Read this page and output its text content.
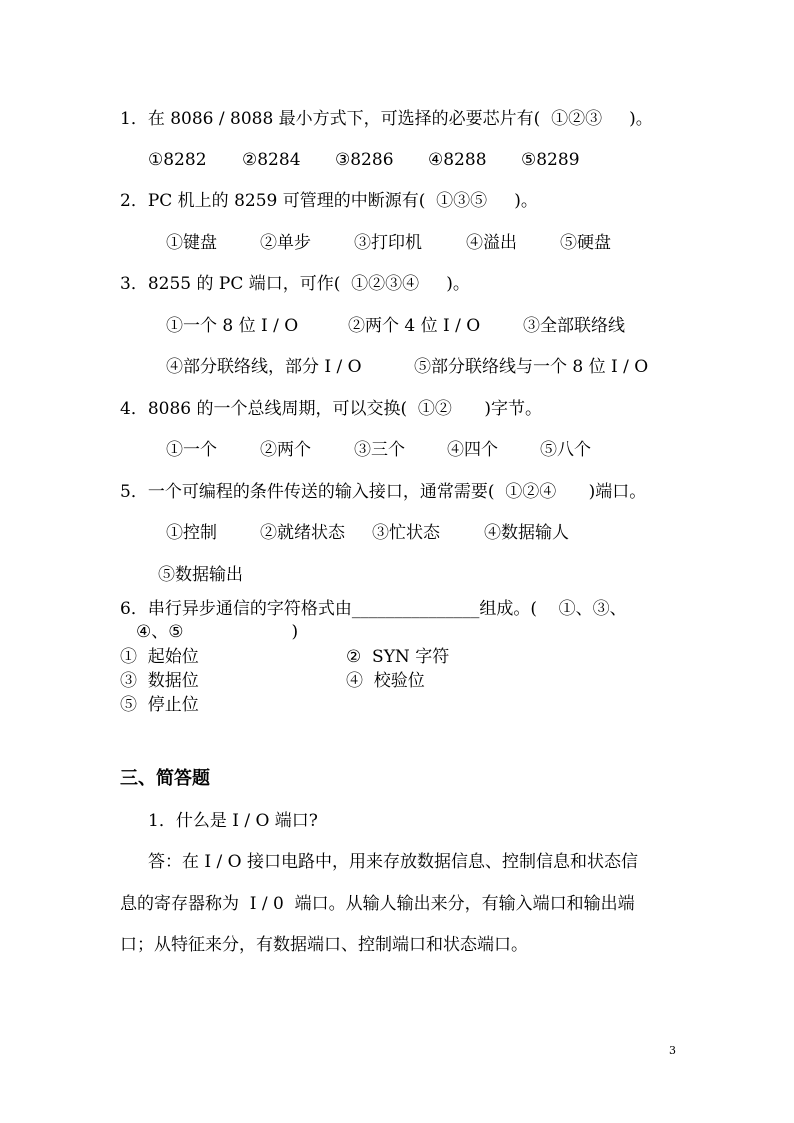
1．在 8086 / 8088 最小方式下，可选择的必要芯片有(  ①②③     )。
①8282 ②8284 ③8286 ④8288 ⑤8289
2．PC 机上的 8259 可管理的中断源有(  ①③⑤     )。
①键盘	②单步	③打印机	④溢出	⑤硬盘
3．8255 的 PC 端口，可作(  ①②③④     )。
①一个 8 位 I / O	②两个 4 位 I / O	③全部联络线
④部分联络线，部分 I / O	⑤部分联络线与一个 8 位 I / O
4．8086 的一个总线周期，可以交换(  ①②      )字节。
①一个	②两个	③三个 ④四个 ⑤八个
5．一个可编程的条件传送的输入接口，通常需要(  ①②④      )端口。
①控制	②就绪状态 ③忙状态	④数据输人
⑤数据输出
6．串行异步通信的字符格式由_______________组成。(    ①、③、
④、⑤                    )
①  起始位	②  SYN 字符
③  数据位	④  校验位
⑤  停止位
三、简答题
1．什么是 I / O 端口?
答：在 I / O 接口电路中，用来存放数据信息、控制信息和状态信
息的寄存器称为  I / 0  端口。从输人输出来分，有输入端口和输出端
口；从特征来分，有数据端口、控制端口和状态端口。
3
